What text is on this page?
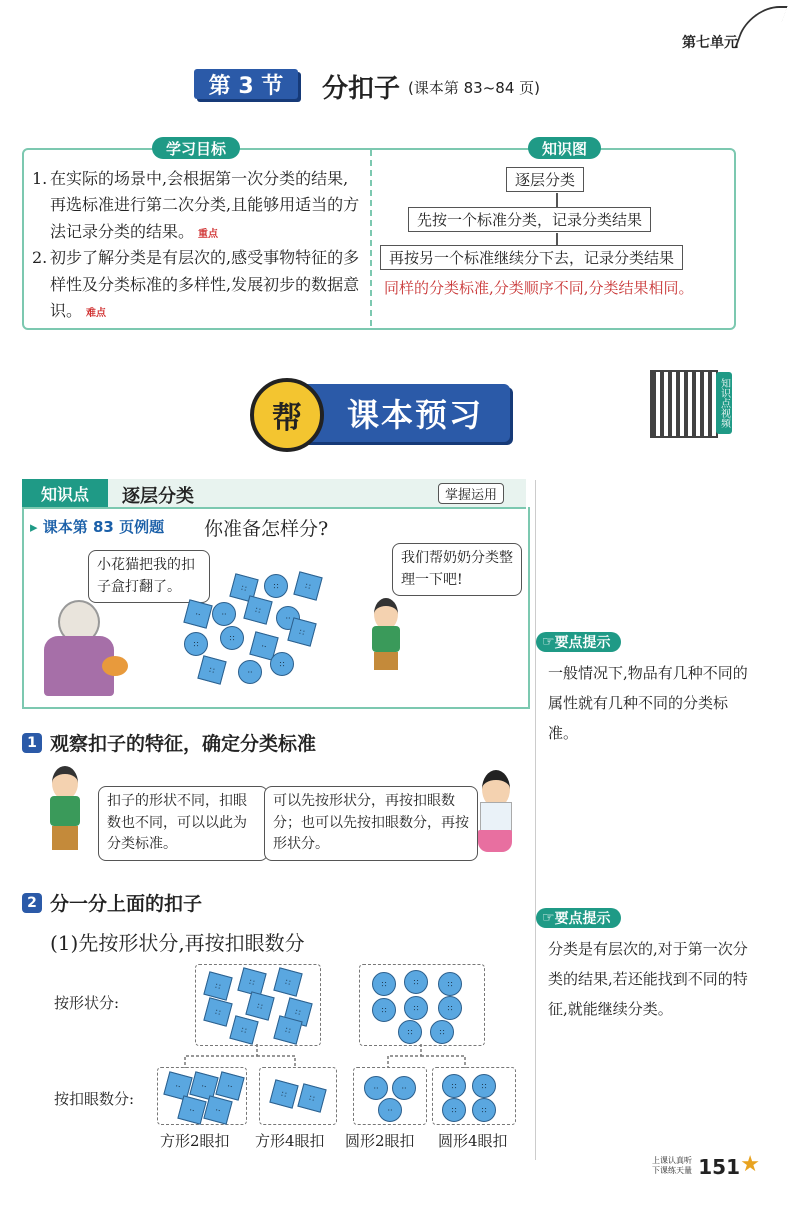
第七单元
第 3 节	分扣子 (课本第 83~84 页)
学习目标	知识图
1. 在实际的场景中,会根据第一次分类的结果,再选标准进行第二次分类,且能够用适当的方法记录分类的结果。 重点
2. 初步了解分类是有层次的,感受事物特征的多样性及分类标准的多样性,发展初步的数据意识。 难点
逐层分类
先按一个标准分类，记录分类结果
再按另一个标准继续分下去，记录分类结果
同样的分类标准,分类顺序不同,分类结果相同。
课本预习
帮	知识点视频
知识点	逐层分类	掌握运用
▸ 课本第 83 页例题 你准备怎样分?
小花猫把我的扣子盒打翻了。
我们帮奶奶分类整理一下吧!
∷	∷	∷
··	··	∷
··
∷
∷
··
∷
∷	··
∷
☞ 要点提示
一般情况下,物品有几种不同的属性就有几种不同的分类标准。
☞ 要点提示
分类是有层次的,对于第一次分类的结果,若还能找到不同的特征,就能继续分类。
1 观察扣子的特征，确定分类标准
扣子的形状不同，扣眼数也不同，可以以此为分类标准。
可以先按形状分，再按扣眼数分；也可以先按扣眼数分，再按形状分。
2 分一分上面的扣子
(1)先按形状分,再按扣眼数分
按形状分:
按扣眼数分:
∷	∷	∷
∷
∷
∷
∷	∷
∷	∷	∷
∷	∷	∷
∷	∷
··	··	··
··	··
∷	∷
··	··
··
∷	∷
∷	∷
方形2眼扣 方形4眼扣 圆形2眼扣 圆形4眼扣
上课认真听
下课练天量 151 ★
